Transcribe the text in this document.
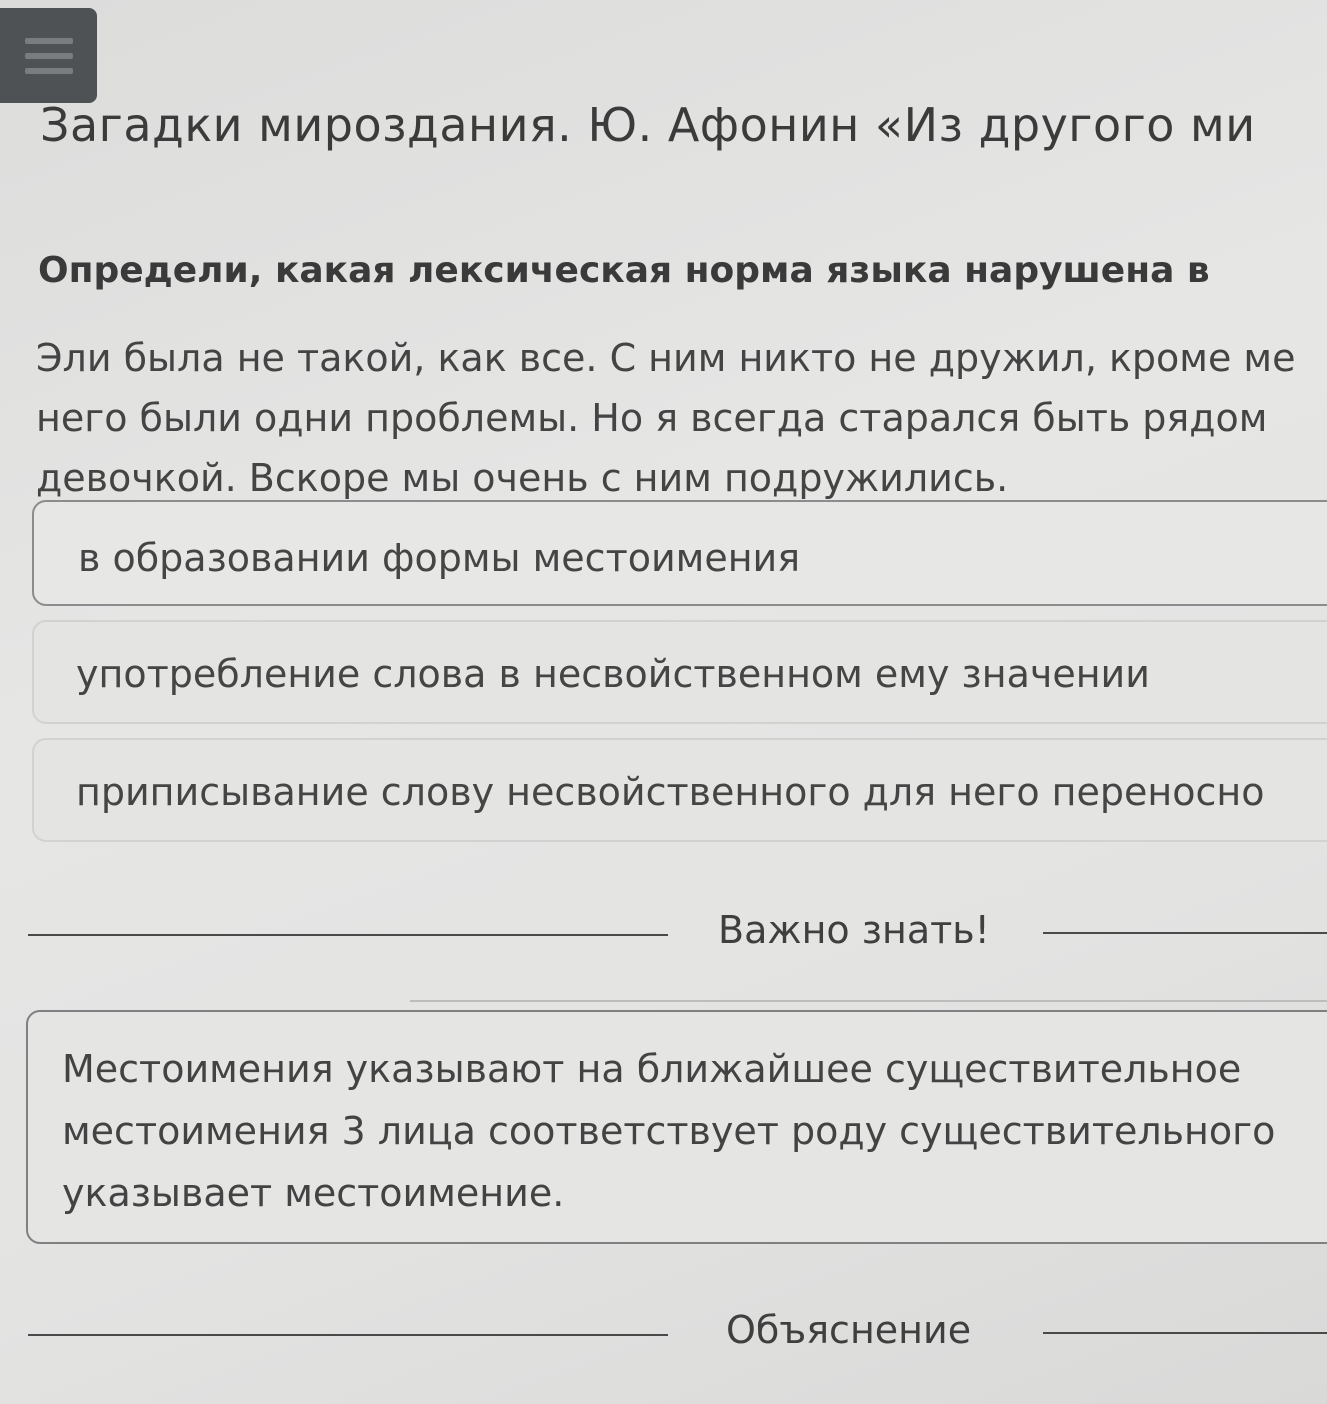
Загадки мироздания. Ю. Афонин «Из другого ми
Определи, какая лексическая норма языка нарушена в
Эли была не такой, как все. С ним никто не дружил, кроме ме
него были одни проблемы. Но я всегда старался быть рядом
девочкой. Вскоре мы очень с ним подружились.
в образовании формы местоимения
употребление слова в несвойственном ему значении
приписывание слову несвойственного для него переносно
Важно знать!
Местоимения указывают на ближайшее существительное
местоимения 3 лица соответствует роду существительного
указывает местоимение.
Объяснение
